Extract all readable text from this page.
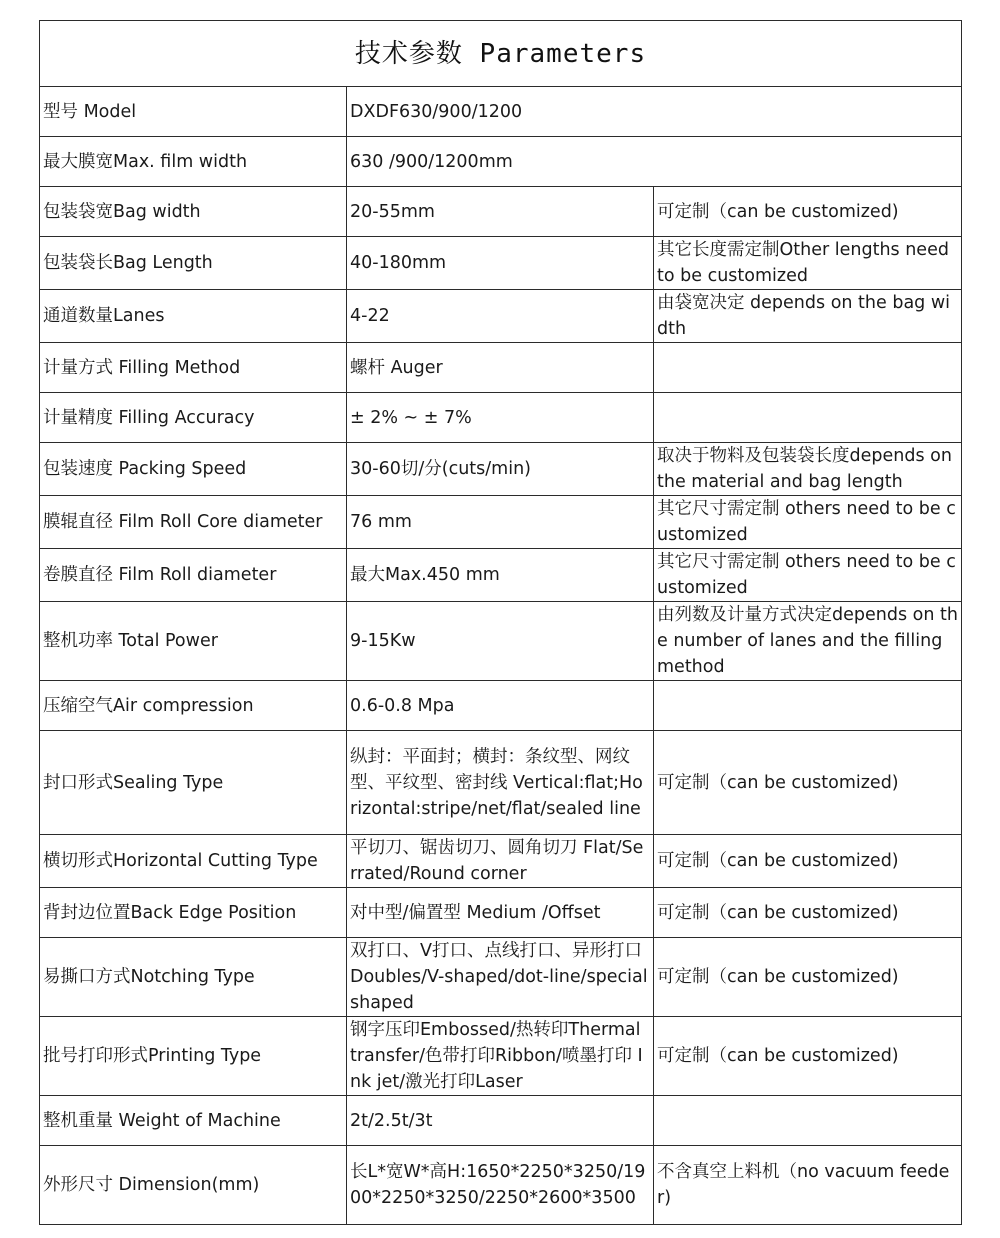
技术参数 Parameters		
型号 Model	DXDF630/900/1200	
最大膜宽Max. film width	630 /900/1200mm	
包装袋宽Bag width	20-55mm	可定制（can be customized)
包装袋长Bag Length	40-180mm	其它长度需定制Other lengths need to be customized
通道数量Lanes	4-22	由袋宽决定 depends on the bag width
计量方式 Filling Method	螺杆 Auger	
计量精度 Filling Accuracy	± 2% ~ ± 7%	
包装速度 Packing Speed	30-60切/分(cuts/min)	取决于物料及包装袋长度depends on the material and bag length
膜辊直径 Film Roll Core diameter	76 mm	其它尺寸需定制 others need to be customized
卷膜直径 Film Roll diameter	最大Max.450 mm	其它尺寸需定制 others need to be customized
整机功率 Total Power	9-15Kw	由列数及计量方式决定depends on the number of lanes and the filling method
压缩空气Air compression	0.6-0.8 Mpa	
封口形式Sealing Type	纵封：平面封；横封：条纹型、网纹型、平纹型、密封线 Vertical:flat;Horizontal:stripe/net/flat/sealed line	可定制（can be customized)
横切形式Horizontal Cutting Type	平切刀、锯齿切刀、圆角切刀 Flat/Serrated/Round corner	可定制（can be customized)
背封边位置Back Edge Position	对中型/偏置型 Medium /Offset	可定制（can be customized)
易撕口方式Notching Type	双打口、V打口、点线打口、异形打口 Doubles/V-shaped/dot-line/special shaped	可定制（can be customized)
批号打印形式Printing Type	钢字压印Embossed/热转印Thermal transfer/色带打印Ribbon/喷墨打印 Ink jet/激光打印Laser	可定制（can be customized)
整机重量 Weight of Machine	2t/2.5t/3t	
外形尺寸 Dimension(mm)	长L*宽W*高H:1650*2250*3250/1900*2250*3250/2250*2600*3500	不含真空上料机（no vacuum feeder)
